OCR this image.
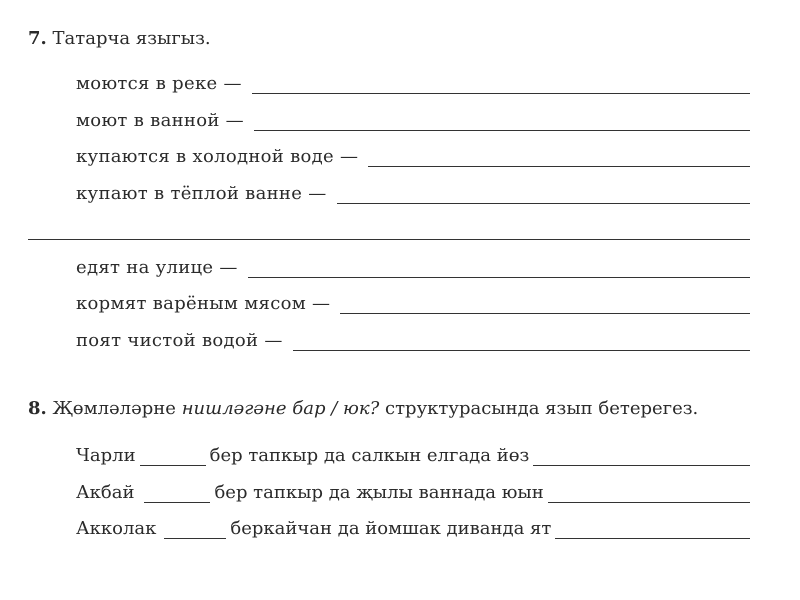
7. Татарча языгыз.
моются в реке —
моют в ванной —
купаются в холодной воде —
купают в тёплой ванне —
едят на улице —
кормят варёным мясом —
поят чистой водой —
8. Җөмләләрне нишләгәне бар / юк? структурасында язып бетерегез.
Чарли	бер тапкыр да салкын елгада йөз
Акбай	бер тапкыр да җылы ваннада юын
Акколак	беркайчан да йомшак диванда ят
